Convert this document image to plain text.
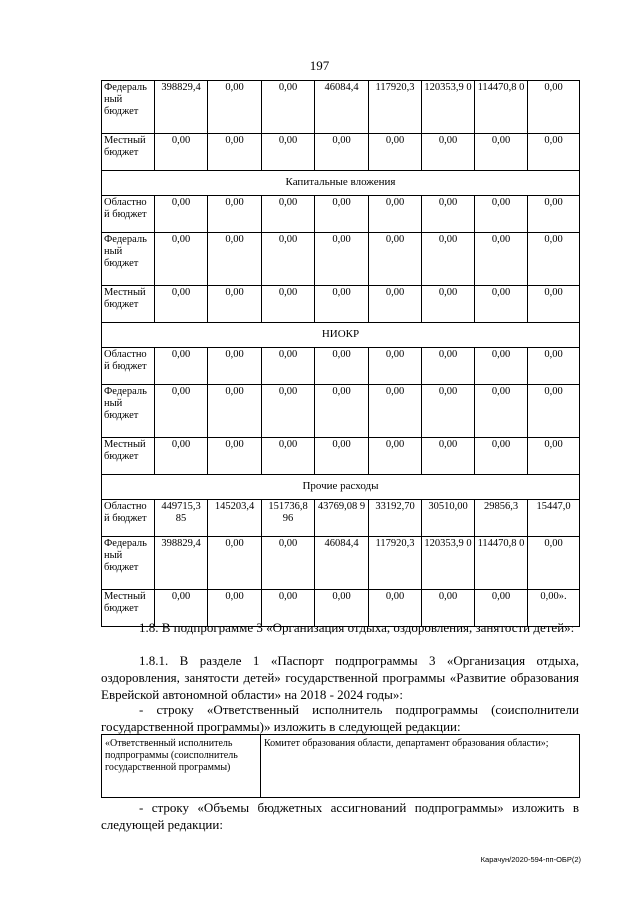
197
Федераль ный бюджет	398829,4	0,00	0,00	46084,4	117920,3	120353,9 0	114470,8 0	0,00
Местный бюджет	0,00	0,00	0,00	0,00	0,00	0,00	0,00	0,00
Капитальные вложения								
Областно й бюджет	0,00	0,00	0,00	0,00	0,00	0,00	0,00	0,00
Федераль ный бюджет	0,00	0,00	0,00	0,00	0,00	0,00	0,00	0,00
Местный бюджет	0,00	0,00	0,00	0,00	0,00	0,00	0,00	0,00
НИОКР								
Областно й бюджет	0,00	0,00	0,00	0,00	0,00	0,00	0,00	0,00
Федераль ный бюджет	0,00	0,00	0,00	0,00	0,00	0,00	0,00	0,00
Местный бюджет	0,00	0,00	0,00	0,00	0,00	0,00	0,00	0,00
Прочие расходы								
Областно й бюджет	449715,3 85	145203,4	151736,8 96	43769,08 9	33192,70	30510,00	29856,3	15447,0
Федераль ный бюджет	398829,4	0,00	0,00	46084,4	117920,3	120353,9 0	114470,8 0	0,00
Местный бюджет	0,00	0,00	0,00	0,00	0,00	0,00	0,00	0,00».

1.8. В подпрограмме 3 «Организация отдыха, оздоровления, занятости детей»:

1.8.1. В разделе 1 «Паспорт подпрограммы 3 «Организация отдыха, оздоровления, занятости детей» государственной программы «Развитие образования Еврейской автономной области» на 2018 - 2024 годы»:

- строку «Ответственный исполнитель подпрограммы (соисполнители государственной программы)» изложить в следующей редакции:

«Ответственный исполнитель подпрограммы (соисполнитель государственной программы)	Комитет образования области, департамент образования области»;

- строку «Объемы бюджетных ассигнований подпрограммы» изложить в следующей редакции:

Карачун/2020-594-пп-ОБР(2)
